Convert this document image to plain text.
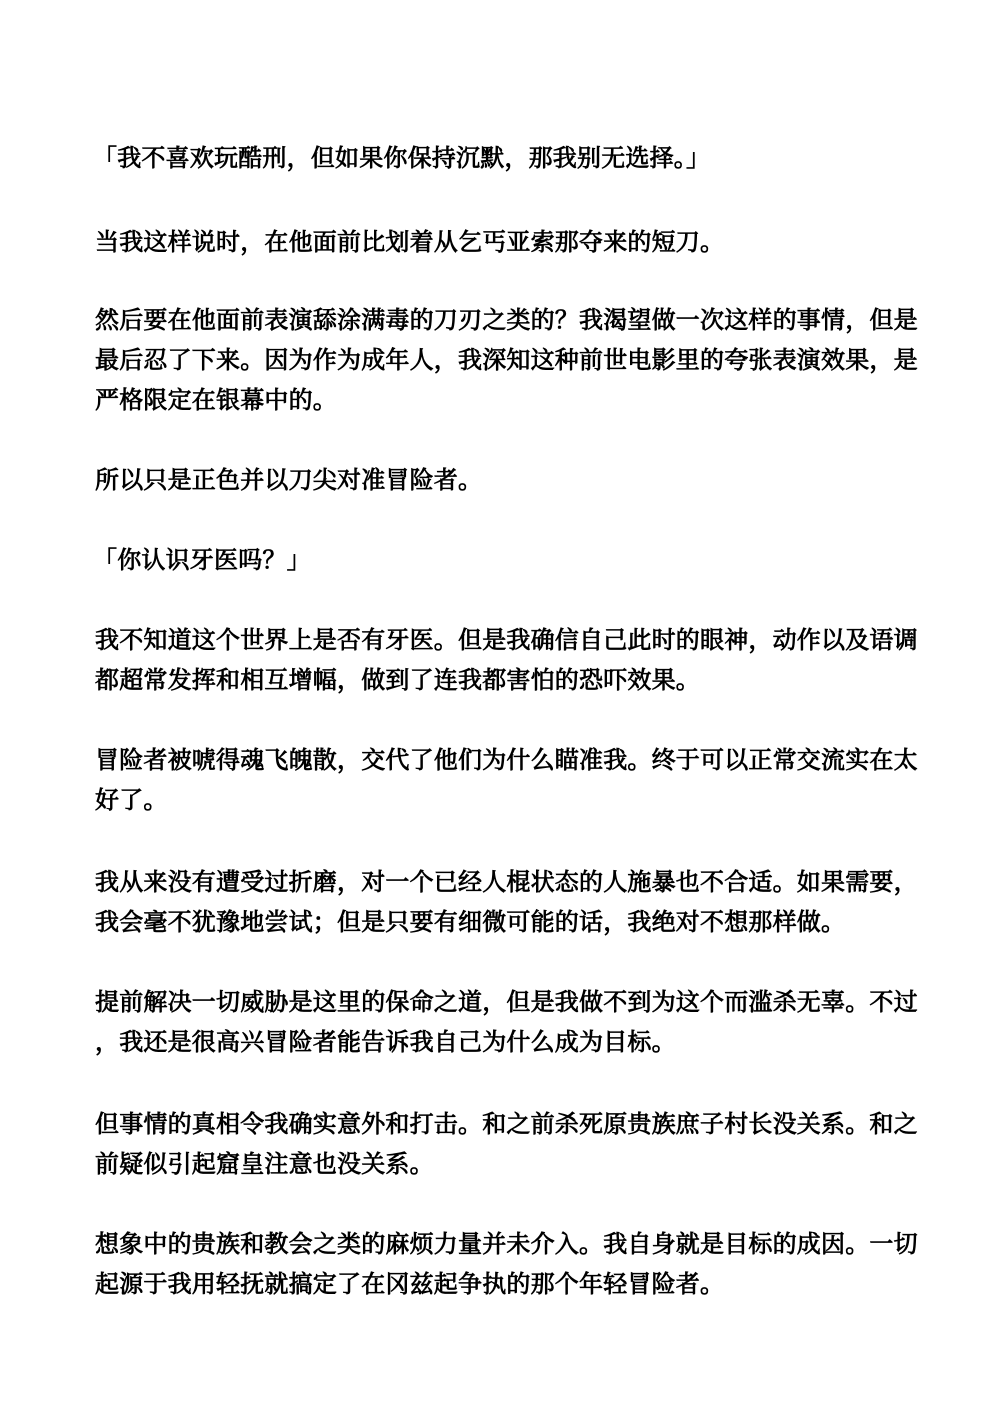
「我不喜欢玩酷刑，但如果你保持沉默，那我别无选择。」

当我这样说时，在他面前比划着从乞丐亚索那夺来的短刀。

然后要在他面前表演舔涂满毒的刀刃之类的？我渴望做一次这样的事情，但是
最后忍了下来。因为作为成年人，我深知这种前世电影里的夸张表演效果，是
严格限定在银幕中的。

所以只是正色并以刀尖对准冒险者。

「你认识牙医吗？」

我不知道这个世界上是否有牙医。但是我确信自己此时的眼神，动作以及语调
都超常发挥和相互增幅，做到了连我都害怕的恐吓效果。

冒险者被唬得魂飞魄散，交代了他们为什么瞄准我。终于可以正常交流实在太
好了。

我从来没有遭受过折磨，对一个已经人棍状态的人施暴也不合适。如果需要，
我会毫不犹豫地尝试；但是只要有细微可能的话，我绝对不想那样做。

提前解决一切威胁是这里的保命之道，但是我做不到为这个而滥杀无辜。不过
，我还是很高兴冒险者能告诉我自己为什么成为目标。

但事情的真相令我确实意外和打击。和之前杀死原贵族庶子村长没关系。和之
前疑似引起窟皇注意也没关系。

想象中的贵族和教会之类的麻烦力量并未介入。我自身就是目标的成因。一切
起源于我用轻抚就搞定了在冈兹起争执的那个年轻冒险者。
